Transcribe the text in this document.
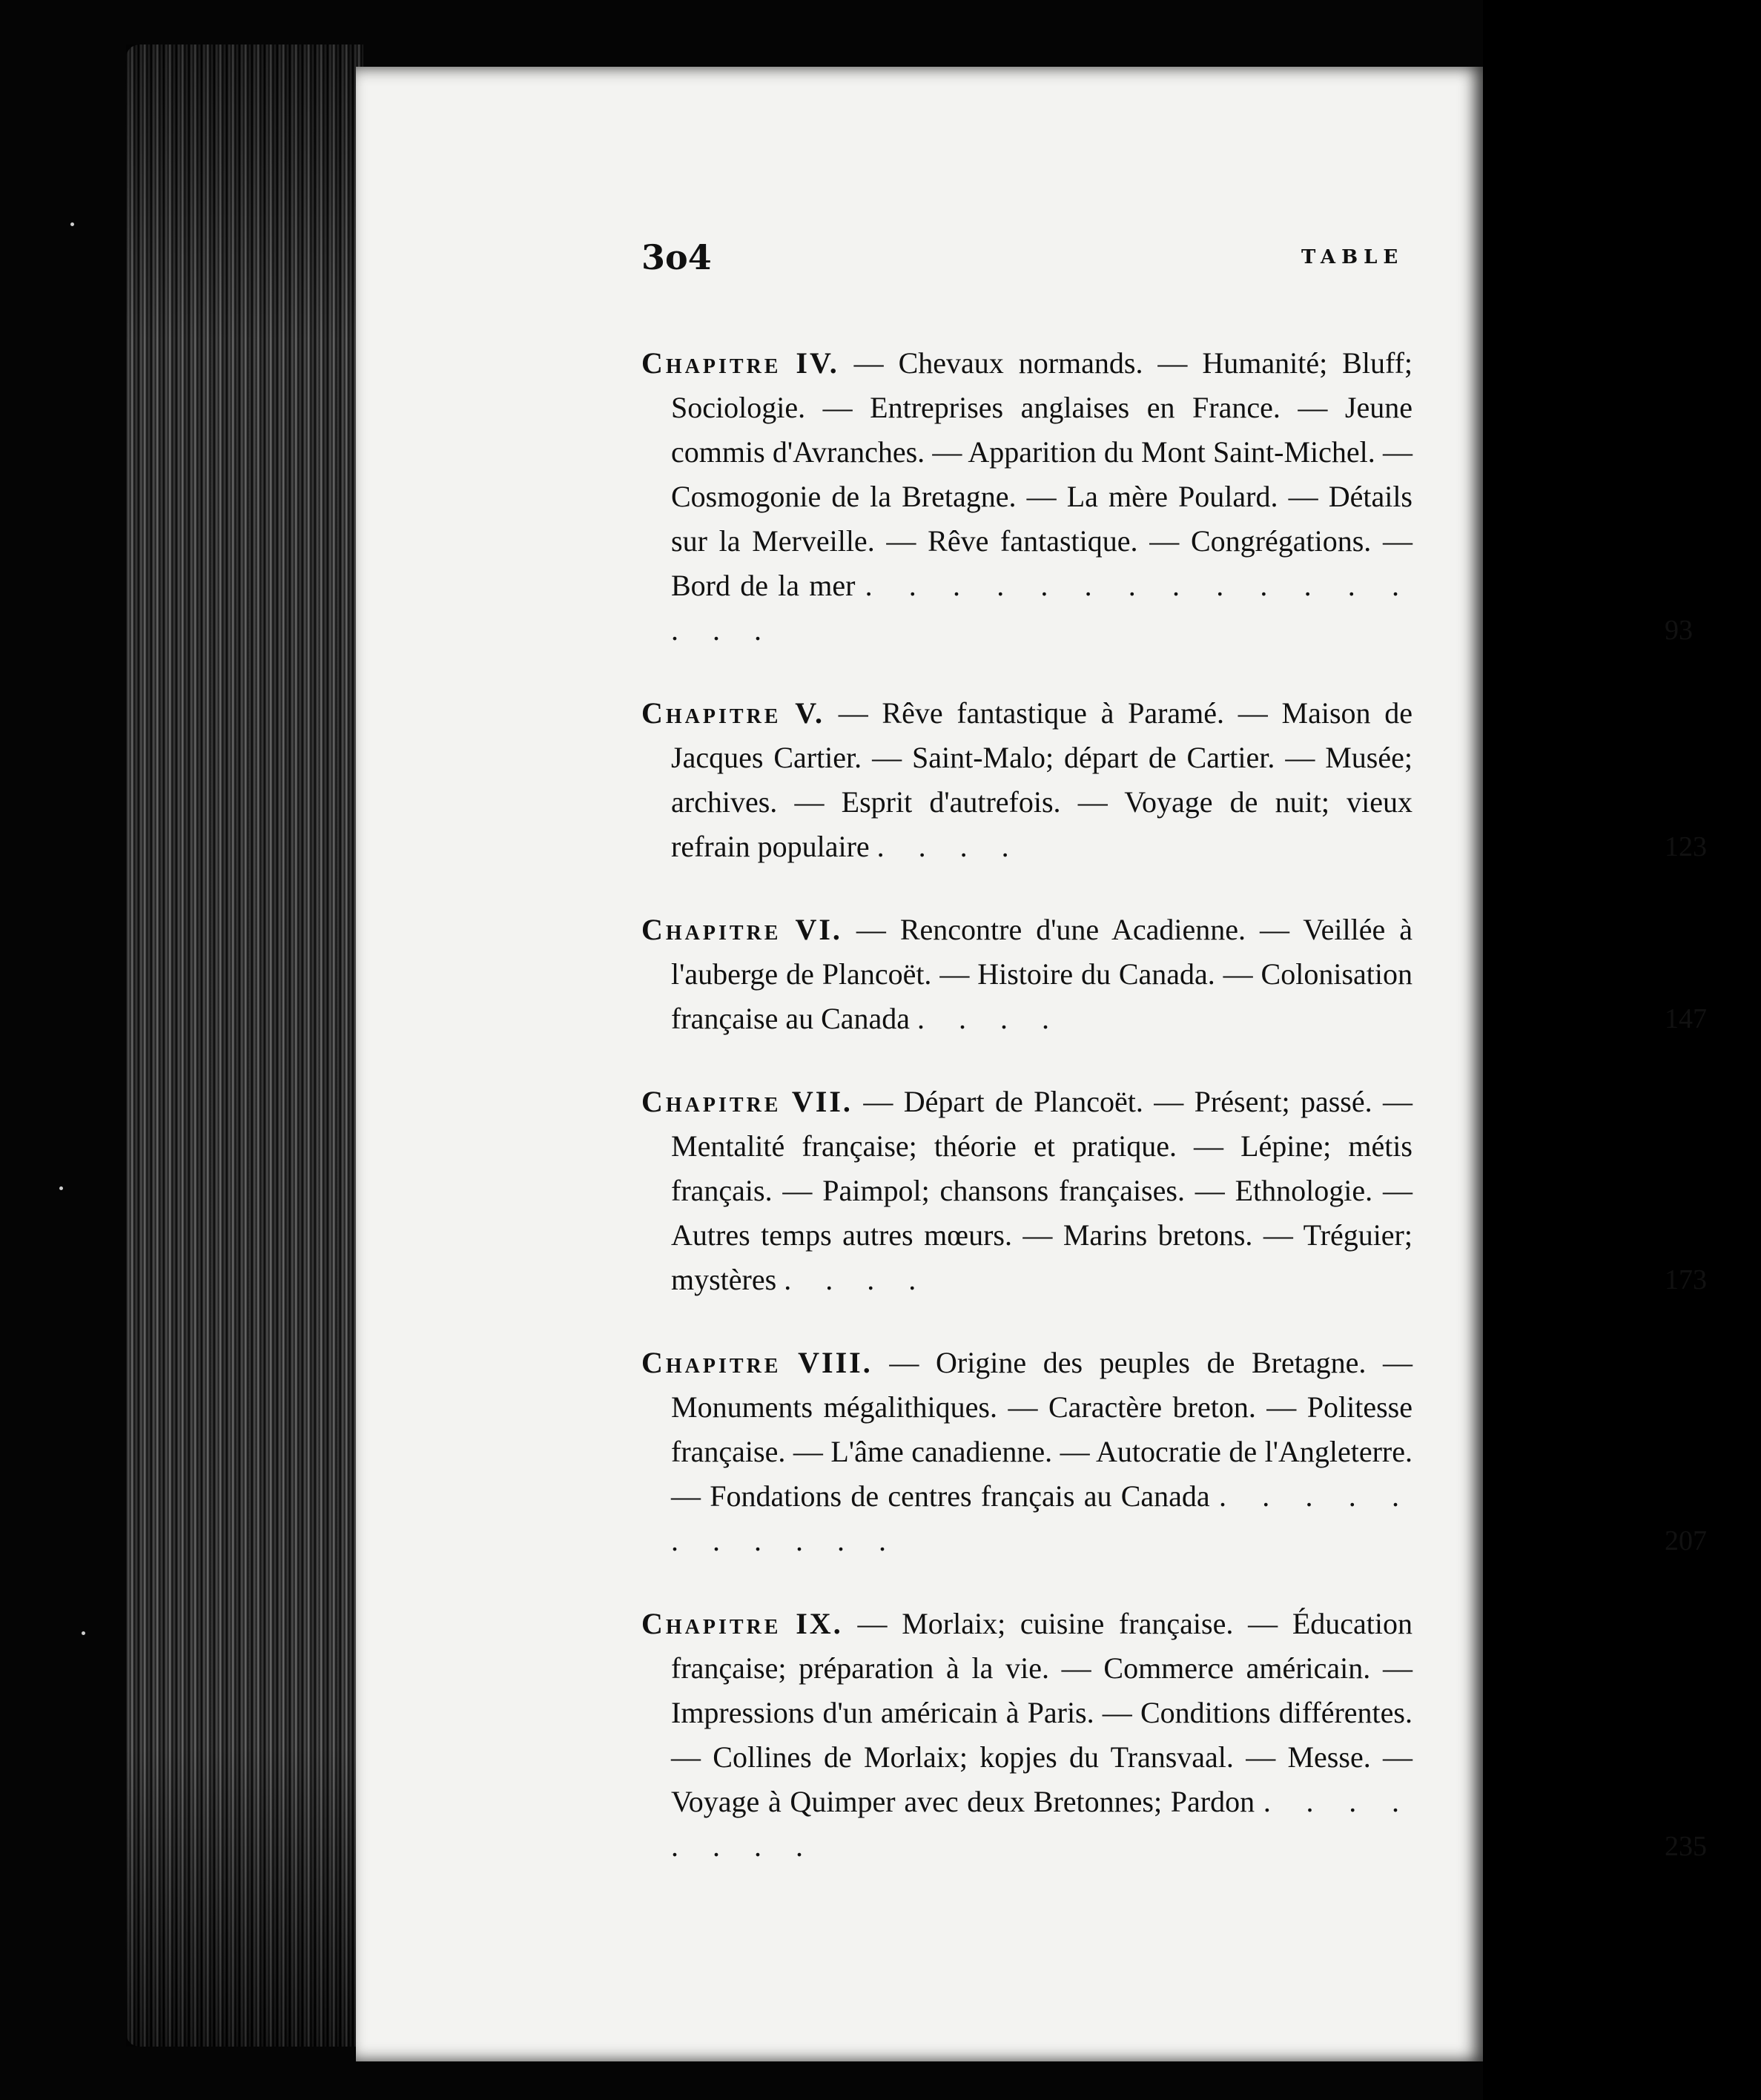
3o4	TABLE
Chapitre IV. — Chevaux normands. — Humanité; Bluff; Sociologie. — Entreprises anglaises en France. — Jeune commis d'Avranches. — Apparition du Mont Saint-Michel. — Cosmogonie de la Bretagne. — La mère Poulard. — Détails sur la Merveille. — Rêve fantastique. — Congrégations. — Bord de la mer . . . . . . . . . . . . . . . .	93
Chapitre V. — Rêve fantastique à Paramé. — Maison de Jacques Cartier. — Saint-Malo; départ de Cartier. — Musée; archives. — Esprit d'autrefois. — Voyage de nuit; vieux refrain populaire . . . .	123
Chapitre VI. — Rencontre d'une Acadienne. — Veillée à l'auberge de Plancoët. — Histoire du Canada. — Colonisation française au Canada . . . .	147
Chapitre VII. — Départ de Plancoët. — Présent; passé. — Mentalité française; théorie et pratique. — Lépine; métis français. — Paimpol; chansons françaises. — Ethnologie. — Autres temps autres mœurs. — Marins bretons. — Tréguier; mystères . . . .	173
Chapitre VIII. — Origine des peuples de Bretagne. — Monuments mégalithiques. — Caractère breton. — Politesse française. — L'âme canadienne. — Autocratie de l'Angleterre. — Fondations de centres français au Canada . . . . . . . . . . .	207
Chapitre IX. — Morlaix; cuisine française. — Éducation française; préparation à la vie. — Commerce américain. — Impressions d'un américain à Paris. — Conditions différentes. — Collines de Morlaix; kopjes du Transvaal. — Messe. — Voyage à Quimper avec deux Bretonnes; Pardon . . . . . . . .	235
